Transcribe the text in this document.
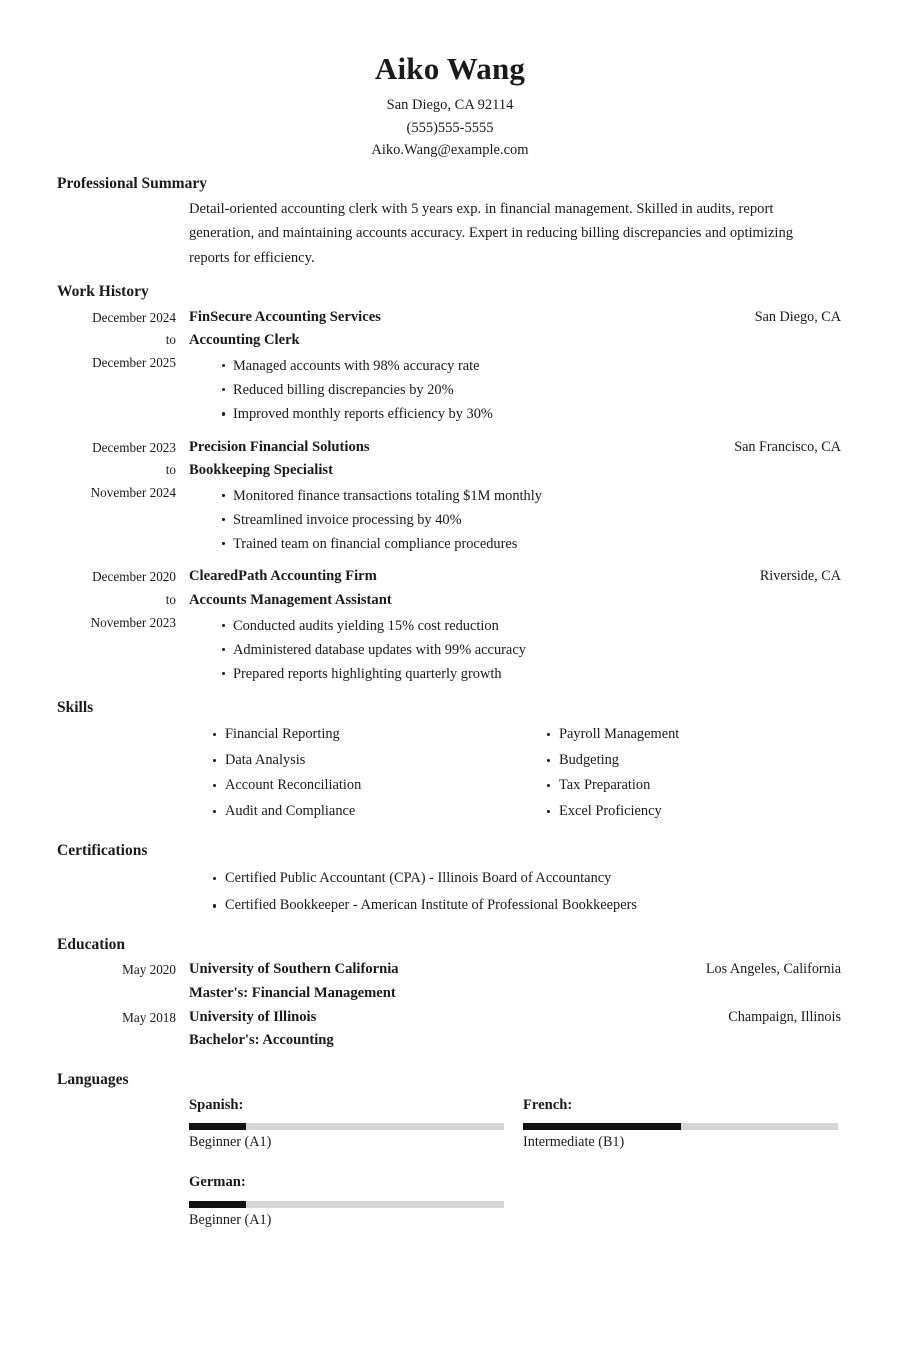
Aiko Wang
San Diego, CA 92114
(555)555-5555
Aiko.Wang@example.com
Professional Summary

Detail-oriented accounting clerk with 5 years exp. in financial management. Skilled in audits, report generation, and maintaining accounts accuracy. Expert in reducing billing discrepancies and optimizing reports for efficiency.

Work History
December 2024
to
December 2025
FinSecure Accounting Services	San Diego, CA
Accounting Clerk
Managed accounts with 98% accuracy rate
Reduced billing discrepancies by 20%
Improved monthly reports efficiency by 30%
December 2023
to
November 2024
Precision Financial Solutions	San Francisco, CA
Bookkeeping Specialist
Monitored finance transactions totaling $1M monthly
Streamlined invoice processing by 40%
Trained team on financial compliance procedures
December 2020
to
November 2023
ClearedPath Accounting Firm	Riverside, CA
Accounts Management Assistant
Conducted audits yielding 15% cost reduction
Administered database updates with 99% accuracy
Prepared reports highlighting quarterly growth
Skills
Financial Reporting
Data Analysis
Account Reconciliation
Audit and Compliance
Payroll Management
Budgeting
Tax Preparation
Excel Proficiency
Certifications
Certified Public Accountant (CPA) - Illinois Board of Accountancy
Certified Bookkeeper - American Institute of Professional Bookkeepers
Education
May 2020 University of Southern California	Los Angeles, California
Master's: Financial Management
May 2018 University of Illinois	Champaign, Illinois
Bachelor's: Accounting
Languages
Spanish:
Beginner (A1)
French:
Intermediate (B1)
German:
Beginner (A1)
